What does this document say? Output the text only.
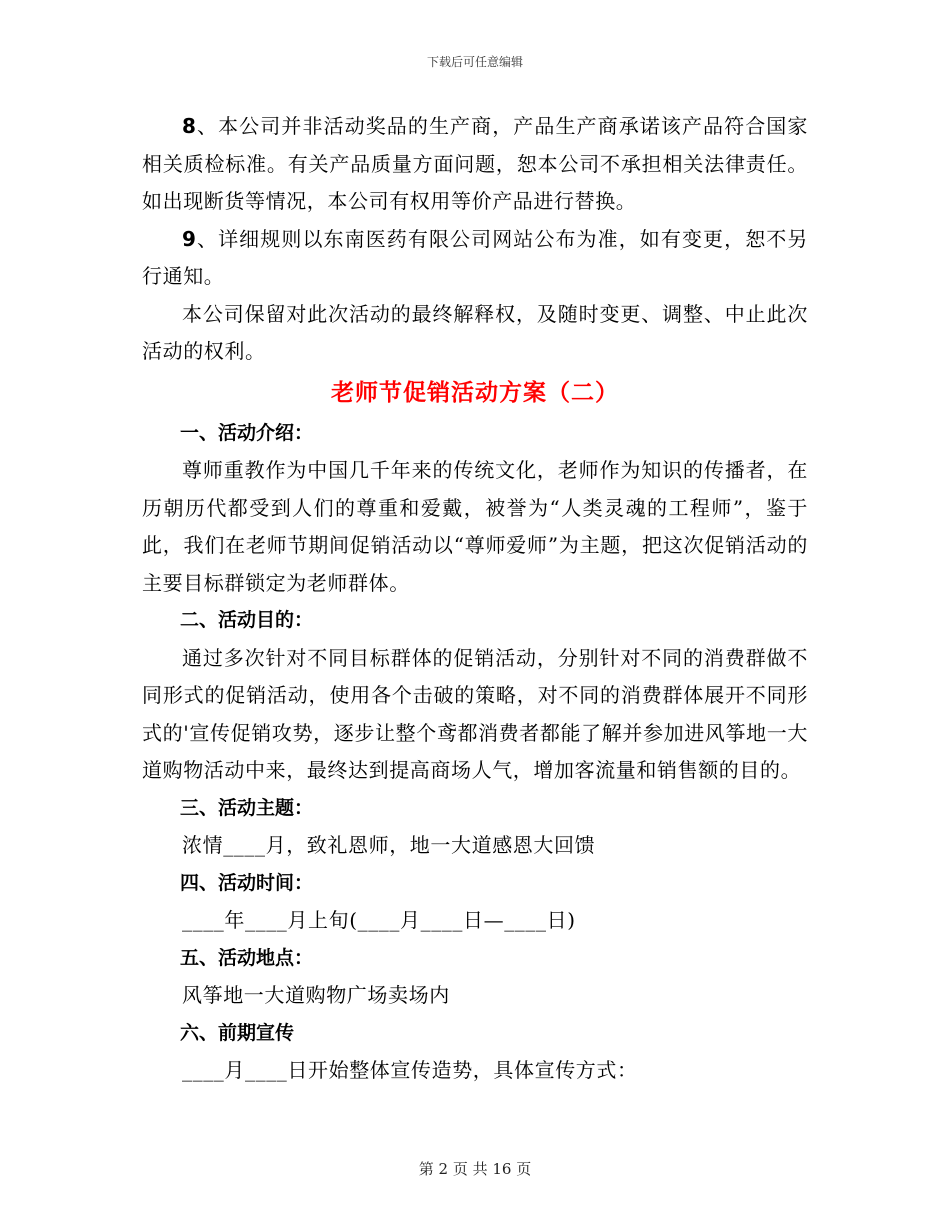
下载后可任意编辑

8、本公司并非活动奖品的生产商，产品生产商承诺该产品符合国家相关质检标准。有关产品质量方面问题，恕本公司不承担相关法律责任。如出现断货等情况，本公司有权用等价产品进行替换。

9、详细规则以东南医药有限公司网站公布为准，如有变更，恕不另行通知。

本公司保留对此次活动的最终解释权，及随时变更、调整、中止此次活动的权利。

老师节促销活动方案（二）

一、活动介绍：

尊师重教作为中国几千年来的传统文化，老师作为知识的传播者，在历朝历代都受到人们的尊重和爱戴，被誉为“人类灵魂的工程师”，鉴于此，我们在老师节期间促销活动以“尊师爱师”为主题，把这次促销活动的主要目标群锁定为老师群体。

二、活动目的：

通过多次针对不同目标群体的促销活动，分别针对不同的消费群做不同形式的促销活动，使用各个击破的策略，对不同的消费群体展开不同形式的'宣传促销攻势，逐步让整个鸢都消费者都能了解并参加进风筝地一大道购物活动中来，最终达到提高商场人气，增加客流量和销售额的目的。

三、活动主题：

浓情____月，致礼恩师，地一大道感恩大回馈

四、活动时间：

____年____月上旬(____月____日—____日)

五、活动地点：

风筝地一大道购物广场卖场内

六、前期宣传

____月____日开始整体宣传造势，具体宣传方式：

第 2 页 共 16 页
